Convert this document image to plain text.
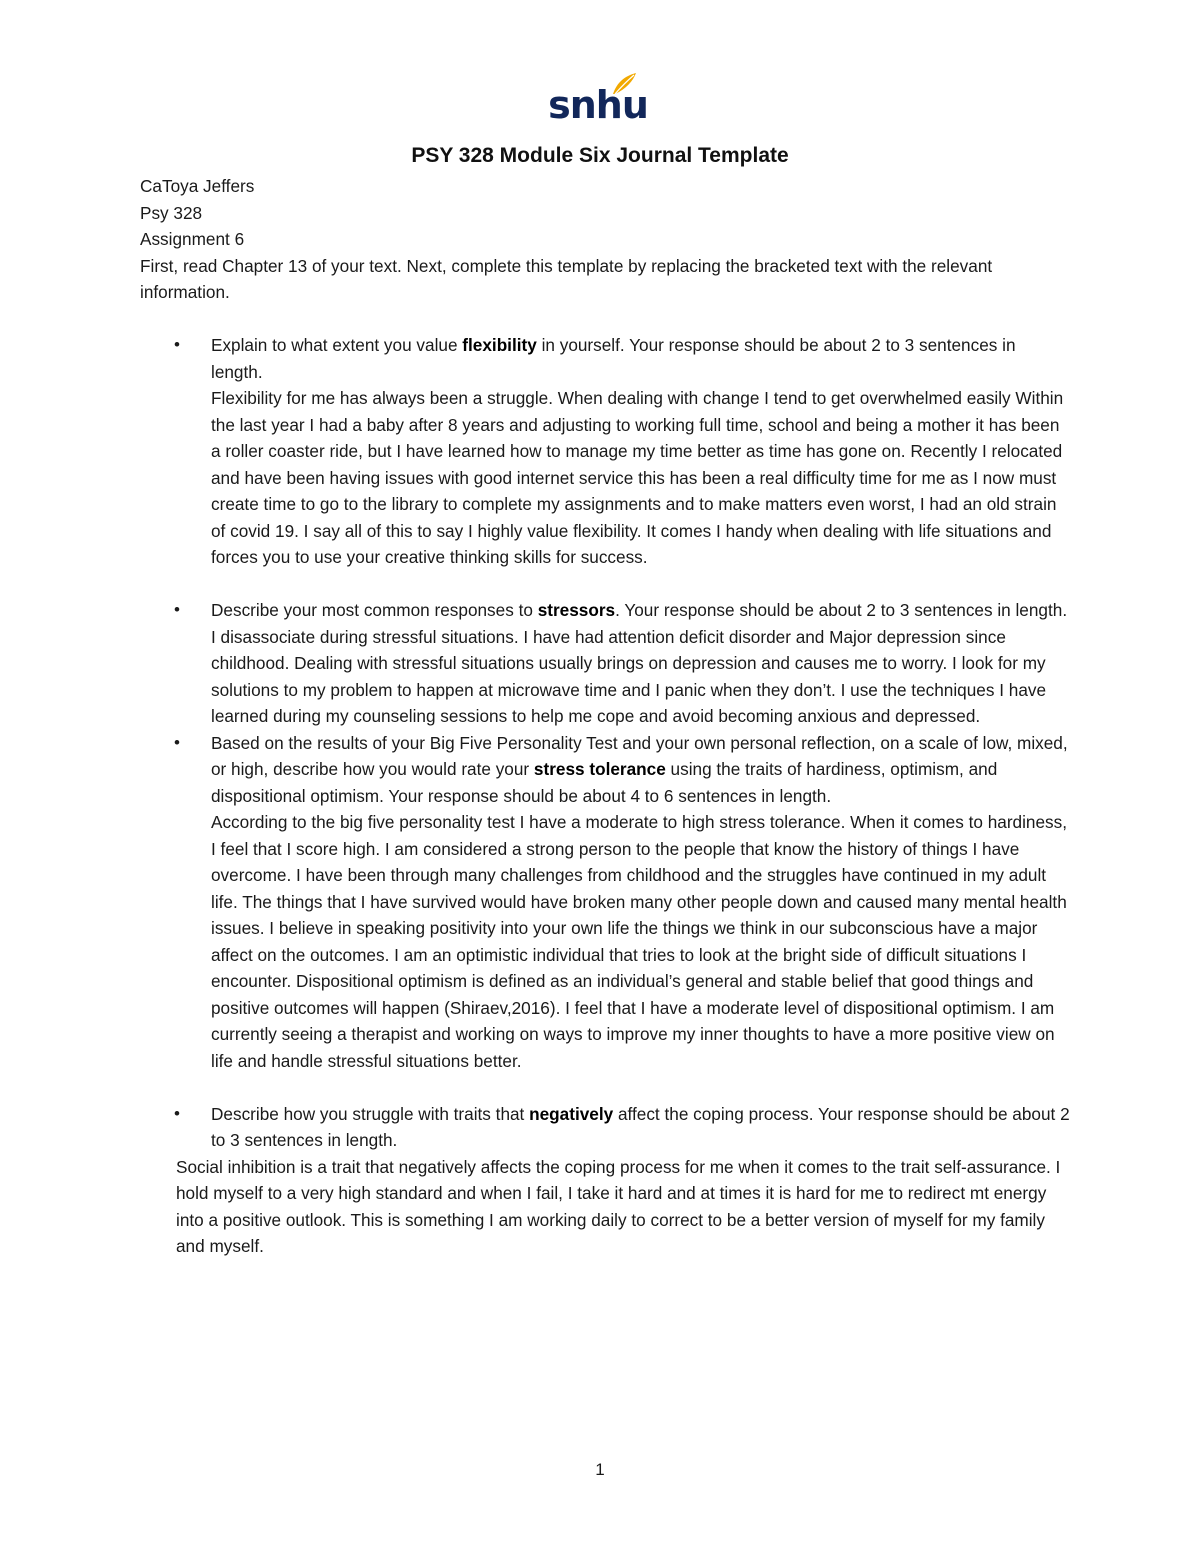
snhu
PSY 328 Module Six Journal Template

CaToya Jeffers

Psy 328

Assignment 6

First, read Chapter 13 of your text. Next, complete this template by replacing the bracketed text with the relevant information.

• Explain to what extent you value flexibility in yourself. Your response should be about 2 to 3 sentences in length.

Flexibility for me has always been a struggle. When dealing with change I tend to get overwhelmed easily Within the last year I had a baby after 8 years and adjusting to working full time, school and being a mother it has been a roller coaster ride, but I have learned how to manage my time better as time has gone on. Recently I relocated and have been having issues with good internet service this has been a real difficulty time for me as I now must create time to go to the library to complete my assignments and to make matters even worst, I had an old strain of covid 19. I say all of this to say I highly value flexibility. It comes I handy when dealing with life situations and forces you to use your creative thinking skills for success.

• Describe your most common responses to stressors. Your response should be about 2 to 3 sentences in length.

I disassociate during stressful situations. I have had attention deficit disorder and Major depression since childhood. Dealing with stressful situations usually brings on depression and causes me to worry. I look for my solutions to my problem to happen at microwave time and I panic when they don’t. I use the techniques I have learned during my counseling sessions to help me cope and avoid becoming anxious and depressed.

• Based on the results of your Big Five Personality Test and your own personal reflection, on a scale of low, mixed, or high, describe how you would rate your stress tolerance using the traits of hardiness, optimism, and dispositional optimism. Your response should be about 4 to 6 sentences in length.

According to the big five personality test I have a moderate to high stress tolerance. When it comes to hardiness, I feel that I score high. I am considered a strong person to the people that know the history of things I have overcome. I have been through many challenges from childhood and the struggles have continued in my adult life. The things that I have survived would have broken many other people down and caused many mental health issues. I believe in speaking positivity into your own life the things we think in our subconscious have a major affect on the outcomes. I am an optimistic individual that tries to look at the bright side of difficult situations I encounter. Dispositional optimism is defined as an individual’s general and stable belief that good things and positive outcomes will happen (Shiraev,2016). I feel that I have a moderate level of dispositional optimism. I am currently seeing a therapist and working on ways to improve my inner thoughts to have a more positive view on life and handle stressful situations better.

• Describe how you struggle with traits that negatively affect the coping process. Your response should be about 2 to 3 sentences in length.

Social inhibition is a trait that negatively affects the coping process for me when it comes to the trait self-assurance. I hold myself to a very high standard and when I fail, I take it hard and at times it is hard for me to redirect mt energy into a positive outlook. This is something I am working daily to correct to be a better version of myself for my family and myself.

1
